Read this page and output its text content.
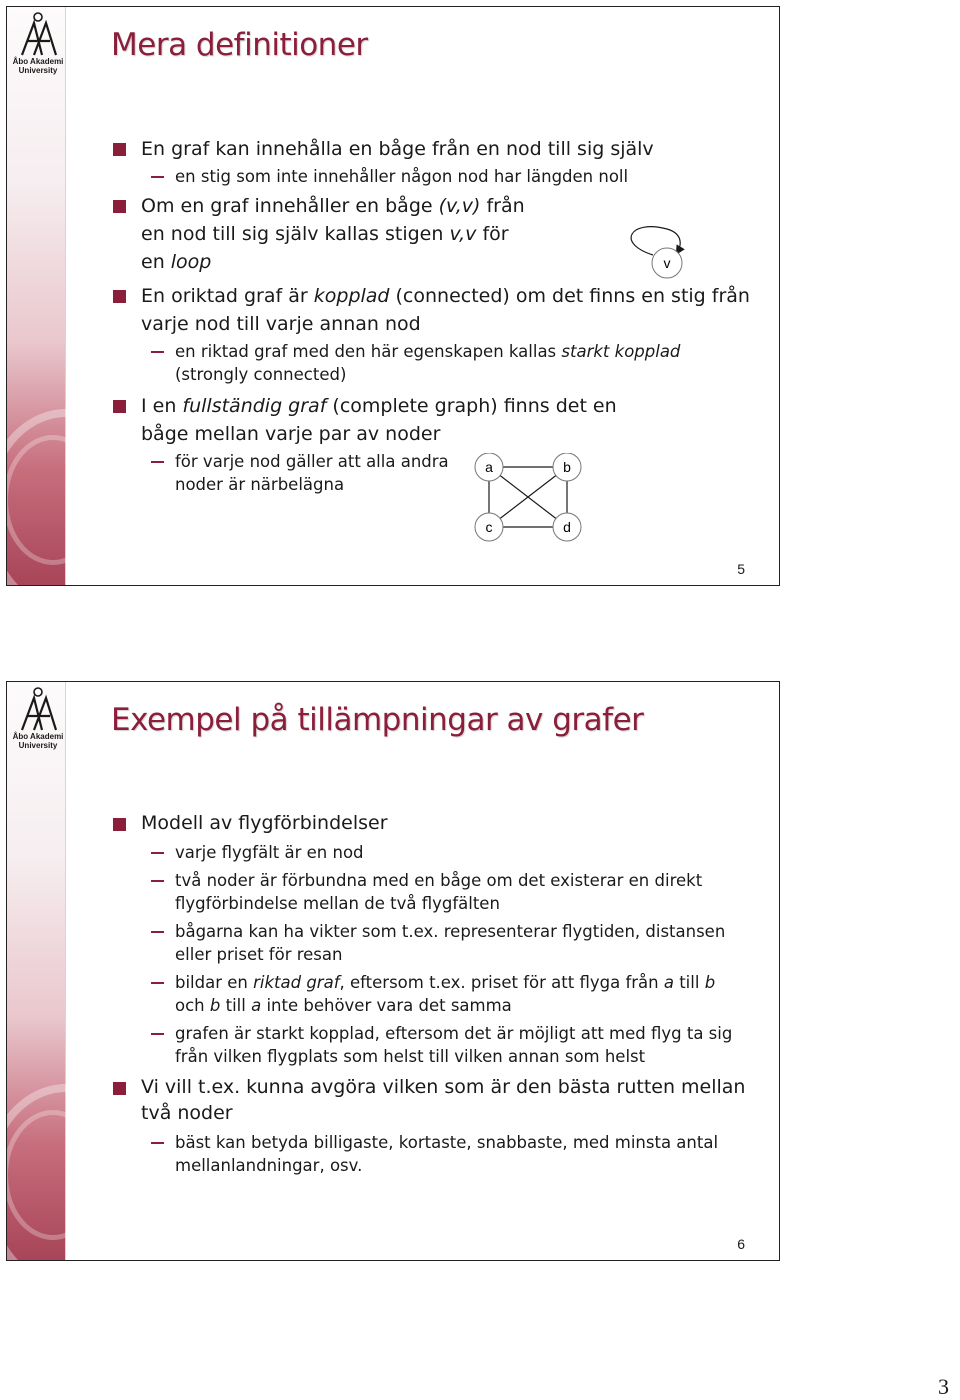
Åbo Akademi
University
Mera definitioner
En graf kan innehålla en båge från en nod till sig själv
en stig som inte innehåller någon nod har längden noll
Om en graf innehåller en båge (v,v) från
en nod till sig själv kallas stigen v,v för
en loop
En oriktad graf är kopplad (connected) om det finns en stig från varje nod till varje annan nod
en riktad graf med den här egenskapen kallas starkt kopplad
(strongly connected)
I en fullständig graf (complete graph) finns det en
båge mellan varje par av noder
för varje nod gäller att alla andra
noder är närbelägna
v
a	b
c	d
5
Åbo Akademi
University
Exempel på tillämpningar av grafer
Modell av flygförbindelser
varje flygfält är en nod
två noder är förbundna med en båge om det existerar en direkt flygförbindelse mellan de två flygfälten
bågarna kan ha vikter som t.ex. representerar flygtiden, distansen eller priset för resan
bildar en riktad graf, eftersom t.ex. priset för att flyga från a till b
och b till a inte behöver vara det samma
grafen är starkt kopplad, eftersom det är möjligt att med flyg ta sig från vilken flygplats som helst till vilken annan som helst
Vi vill t.ex. kunna avgöra vilken som är den bästa rutten mellan två noder
bäst kan betyda billigaste, kortaste, snabbaste, med minsta antal mellanlandningar, osv.
6
3
